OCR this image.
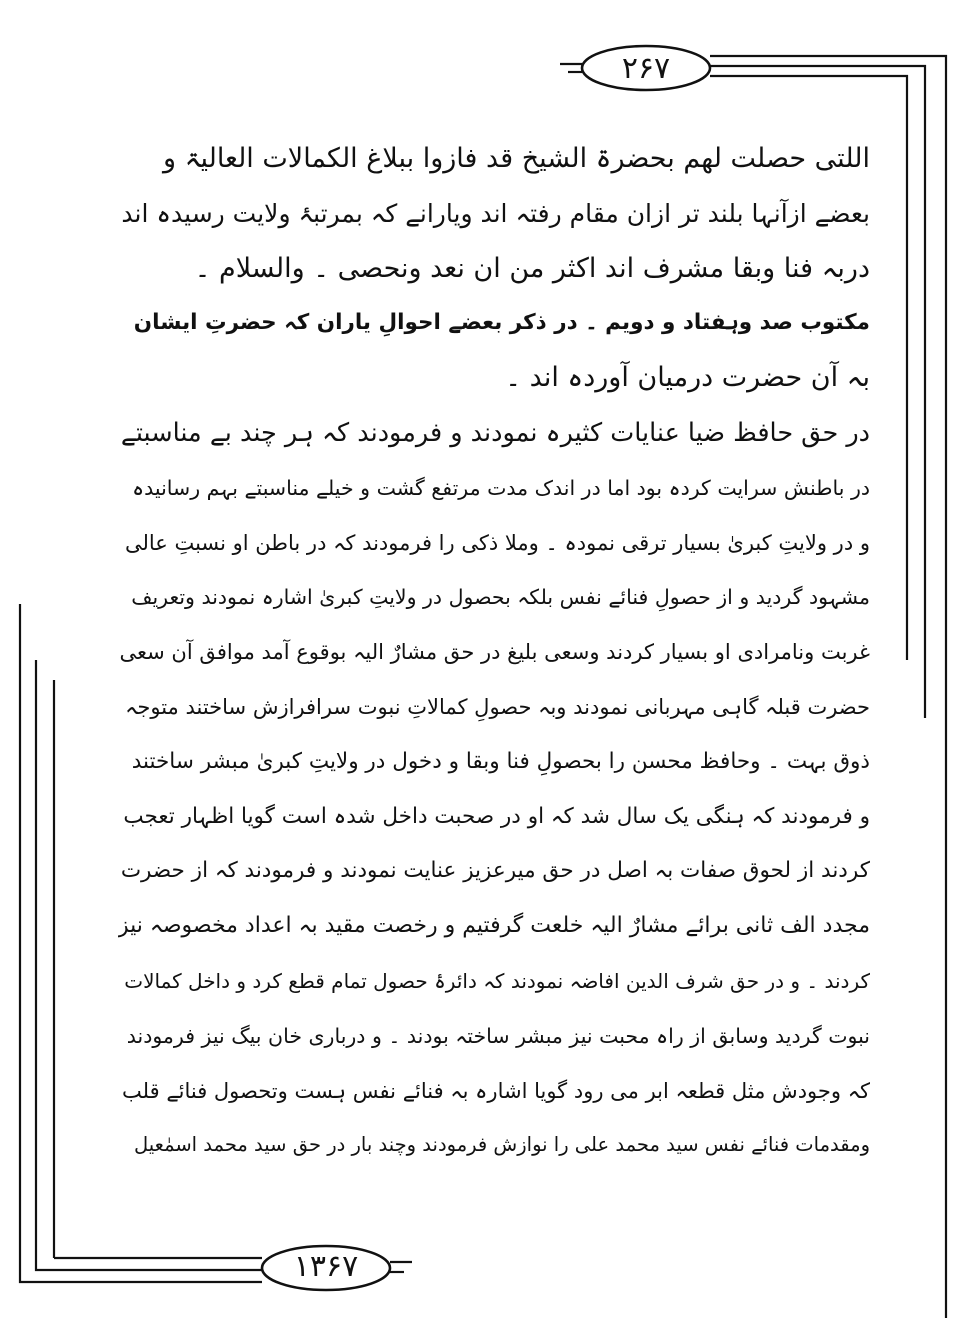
۲۶۷
۱۳۶۷
اللتی حصلت لھم بحضرۃ الشیخ قد فازوا ببلاغ الکمالات العالیۃ و
بعضے ازآنہا بلند تر ازان مقام رفتہ اند ویارانے کہ بمرتبۂ ولایت رسیدہ اند
دربہ فنا وبقا مشرف اند اکثر من ان نعد ونحصی ۔ والسلام ۔
مکتوب صد وہفتاد و دویم ۔ در ذکر بعضے احوالِ یاران کہ حضرتِ ایشان
بہ آن حضرت درمیان آوردہ اند ۔
در حق حافظ ضیا عنایات کثیرہ نمودند و فرمودند کہ ہر چند بے مناسبتے
در باطنش سرایت کردہ بود اما در اندک مدت مرتفع گشت و خیلے مناسبتے بہم رسانیدہ
و در ولایتِ کبریٰ بسیار ترقی نمودہ ۔ وملا ذکی را فرمودند کہ در باطن او نسبتِ عالی
مشہود گردید و از حصولِ فنائے نفس بلکہ بحصول در ولایتِ کبریٰ اشارہ نمودند وتعریف
غربت ونامرادی او بسیار کردند وسعی بلیغ در حق مشارٌ الیہ بوقوع آمد موافق آن سعی
حضرت قبلہ گاہی مہربانی نمودند وبہ حصولِ کمالاتِ نبوت سرافرازش ساختند متوجہ
ذوق بہت ۔ وحافظ محسن را بحصولِ فنا وبقا و دخول در ولایتِ کبریٰ مبشر ساختند
و فرمودند کہ ہنگی یک سال شد کہ او در صحبت داخل شدہ است گویا اظہار تعجب
کردند از لحوق صفات بہ اصل در حق میرعزیز عنایت نمودند و فرمودند کہ از حضرت
مجدد الف ثانی برائے مشارٌ الیہ خلعت گرفتیم و رخصت مقید بہ اعداد مخصوصہ نیز
کردند ۔ و در حق شرف الدین افاضہ نمودند کہ دائرۂ حصول تمام قطع کرد و داخل کمالات
نبوت گردید وسابق از راہ محبت نیز مبشر ساختہ بودند ۔ و درباری خان بیگ نیز فرمودند
کہ وجودش مثل قطعہ ابر می رود گویا اشارہ بہ فنائے نفس ہست وتحصول فنائے قلب
ومقدمات فنائے نفس سید محمد علی را نوازش فرمودند وچند بار در حق سید محمد اسمٰعیل
